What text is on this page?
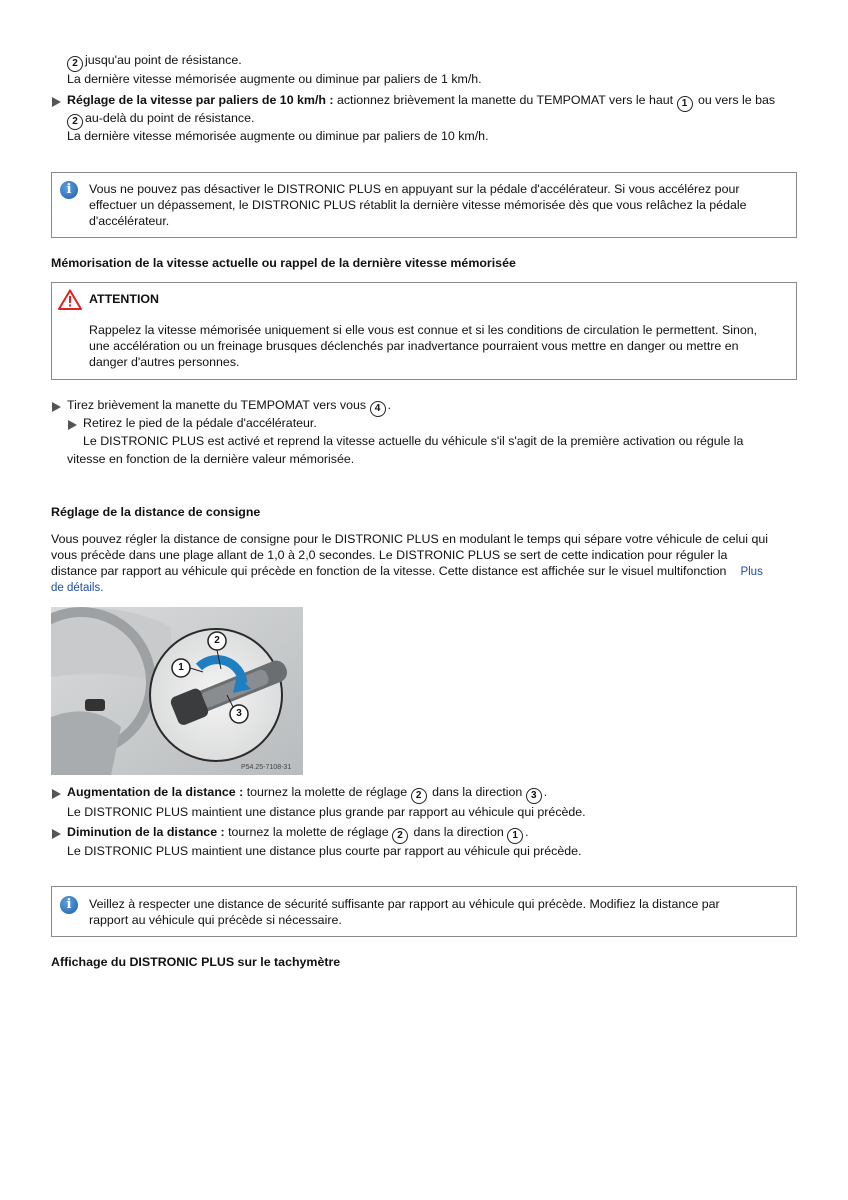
2 jusqu'au point de résistance.
La dernière vitesse mémorisée augmente ou diminue par paliers de 1 km/h.
Réglage de la vitesse par paliers de 10 km/h : actionnez brièvement la manette du TEMPOMAT vers le haut 1 ou vers le bas
2 au-delà du point de résistance.
La dernière vitesse mémorisée augmente ou diminue par paliers de 10 km/h.
i	Vous ne pouvez pas désactiver le DISTRONIC PLUS en appuyant sur la pédale d'accélérateur. Si vous accélérez pour
effectuer un dépassement, le DISTRONIC PLUS rétablit la dernière vitesse mémorisée dès que vous relâchez la pédale
d'accélérateur.
Mémorisation de la vitesse actuelle ou rappel de la dernière vitesse mémorisée
ATTENTION
Rappelez la vitesse mémorisée uniquement si elle vous est connue et si les conditions de circulation le permettent. Sinon,
une accélération ou un freinage brusques déclenchés par inadvertance pourraient vous mettre en danger ou mettre en
danger d'autres personnes.
Tirez brièvement la manette du TEMPOMAT vers vous 4 .
Retirez le pied de la pédale d'accélérateur.
Le DISTRONIC PLUS est activé et reprend la vitesse actuelle du véhicule s'il s'agit de la première activation ou régule la
vitesse en fonction de la dernière valeur mémorisée.
Réglage de la distance de consigne
Vous pouvez régler la distance de consigne pour le DISTRONIC PLUS en modulant le temps qui sépare votre véhicule de celui qui
vous précède dans une plage allant de 1,0 à 2,0 secondes. Le DISTRONIC PLUS se sert de cette indication pour réguler la
distance par rapport au véhicule qui précède en fonction de la vitesse. Cette distance est affichée sur le visuel multifonction Plus
de détails.
2
1
3
P54.25-7108-31
Augmentation de la distance : tournez la molette de réglage 2 dans la direction 3 .
Le DISTRONIC PLUS maintient une distance plus grande par rapport au véhicule qui précède.
Diminution de la distance : tournez la molette de réglage 2 dans la direction 1 .
Le DISTRONIC PLUS maintient une distance plus courte par rapport au véhicule qui précède.
i	Veillez à respecter une distance de sécurité suffisante par rapport au véhicule qui précède. Modifiez la distance par
rapport au véhicule qui précède si nécessaire.
Affichage du DISTRONIC PLUS sur le tachymètre
